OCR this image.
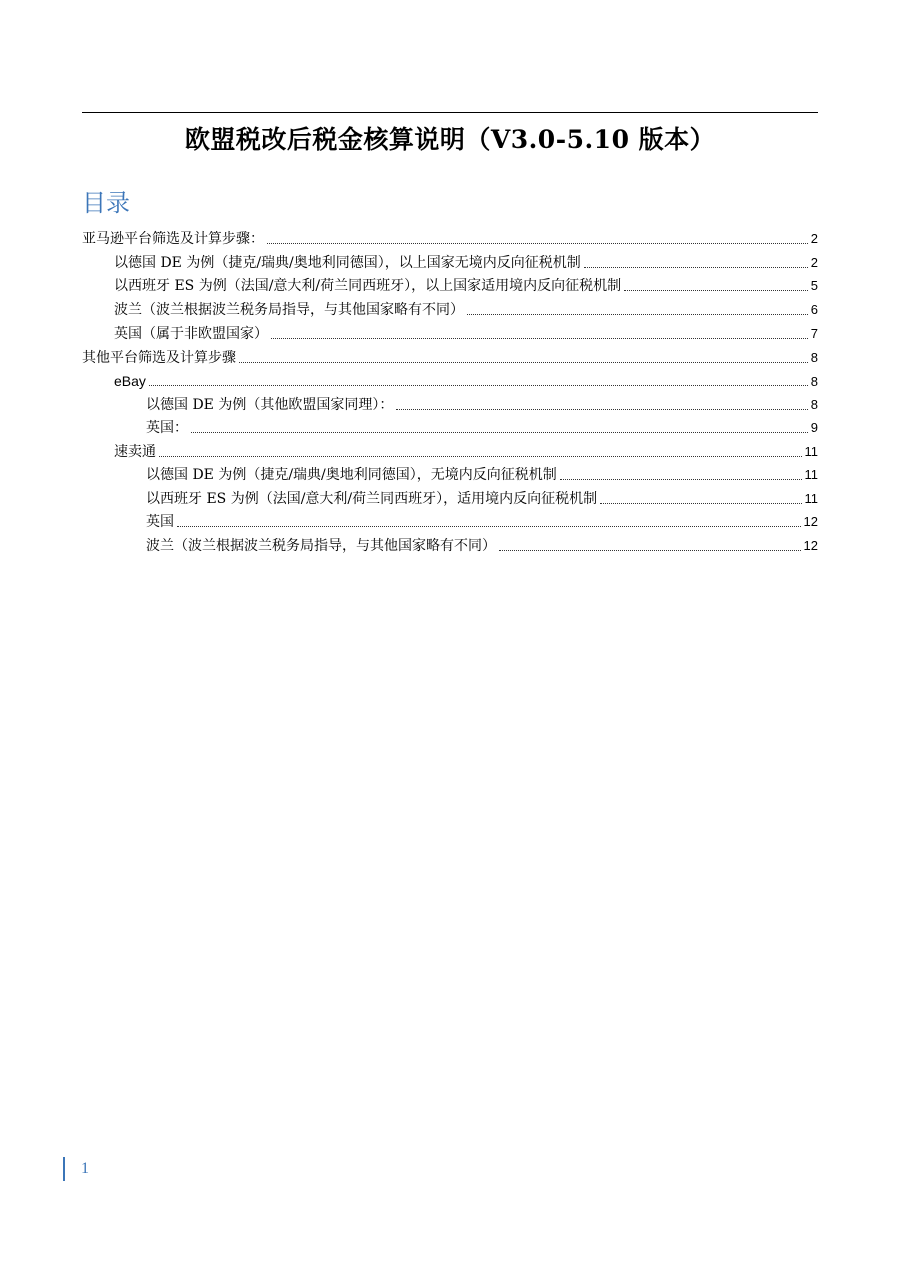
欧盟税改后税金核算说明（V3.0-5.10 版本）
目录
亚马逊平台筛选及计算步骤：	2
以德国 DE 为例（捷克/瑞典/奥地利同德国），以上国家无境内反向征税机制	2
以西班牙 ES 为例（法国/意大利/荷兰同西班牙），以上国家适用境内反向征税机制	5
波兰（波兰根据波兰税务局指导，与其他国家略有不同）	6
英国（属于非欧盟国家）	7
其他平台筛选及计算步骤	8
eBay	8
以德国 DE 为例（其他欧盟国家同理）：	8
英国：	9
速卖通	11
以德国 DE 为例（捷克/瑞典/奥地利同德国），无境内反向征税机制	11
以西班牙 ES 为例（法国/意大利/荷兰同西班牙），适用境内反向征税机制	11
英国	12
波兰（波兰根据波兰税务局指导，与其他国家略有不同）	12
1
